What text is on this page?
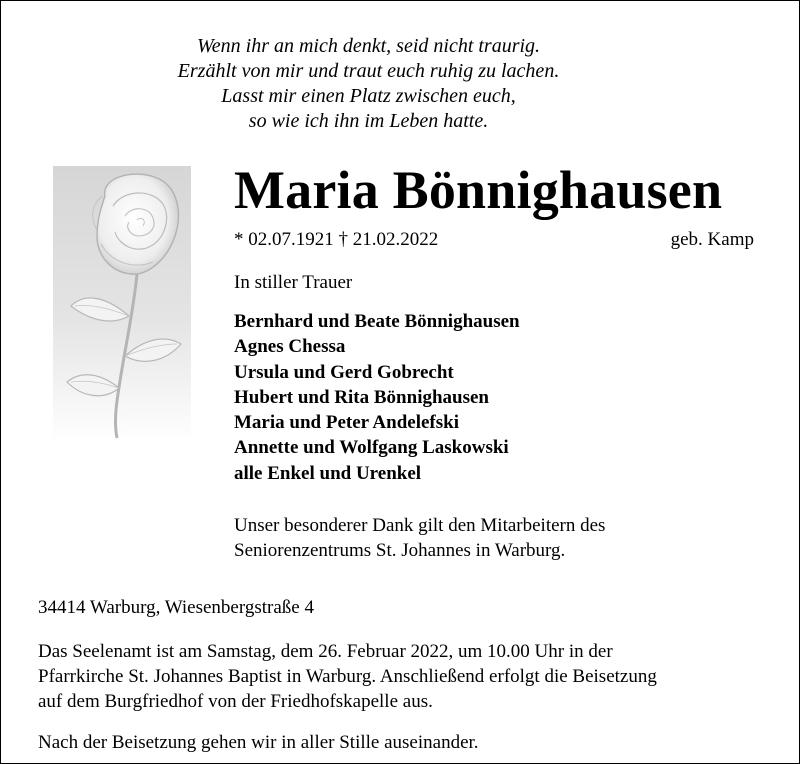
Wenn ihr an mich denkt, seid nicht traurig.
Erzählt von mir und traut euch ruhig zu lachen.
Lasst mir einen Platz zwischen euch,
so wie ich ihn im Leben hatte.
Maria Bönnighausen
* 02.07.1921 † 21.02.2022	geb. Kamp
In stiller Trauer
Bernhard und Beate Bönnighausen
Agnes Chessa
Ursula und Gerd Gobrecht
Hubert und Rita Bönnighausen
Maria und Peter Andelefski
Annette und Wolfgang Laskowski
alle Enkel und Urenkel
Unser besonderer Dank gilt den Mitarbeitern des
Seniorenzentrums St. Johannes in Warburg.
34414 Warburg, Wiesenbergstraße 4
Das Seelenamt ist am Samstag, dem 26. Februar 2022, um 10.00 Uhr in der
Pfarrkirche St. Johannes Baptist in Warburg. Anschließend erfolgt die Beisetzung
auf dem Burgfriedhof von der Friedhofskapelle aus.
Nach der Beisetzung gehen wir in aller Stille auseinander.
